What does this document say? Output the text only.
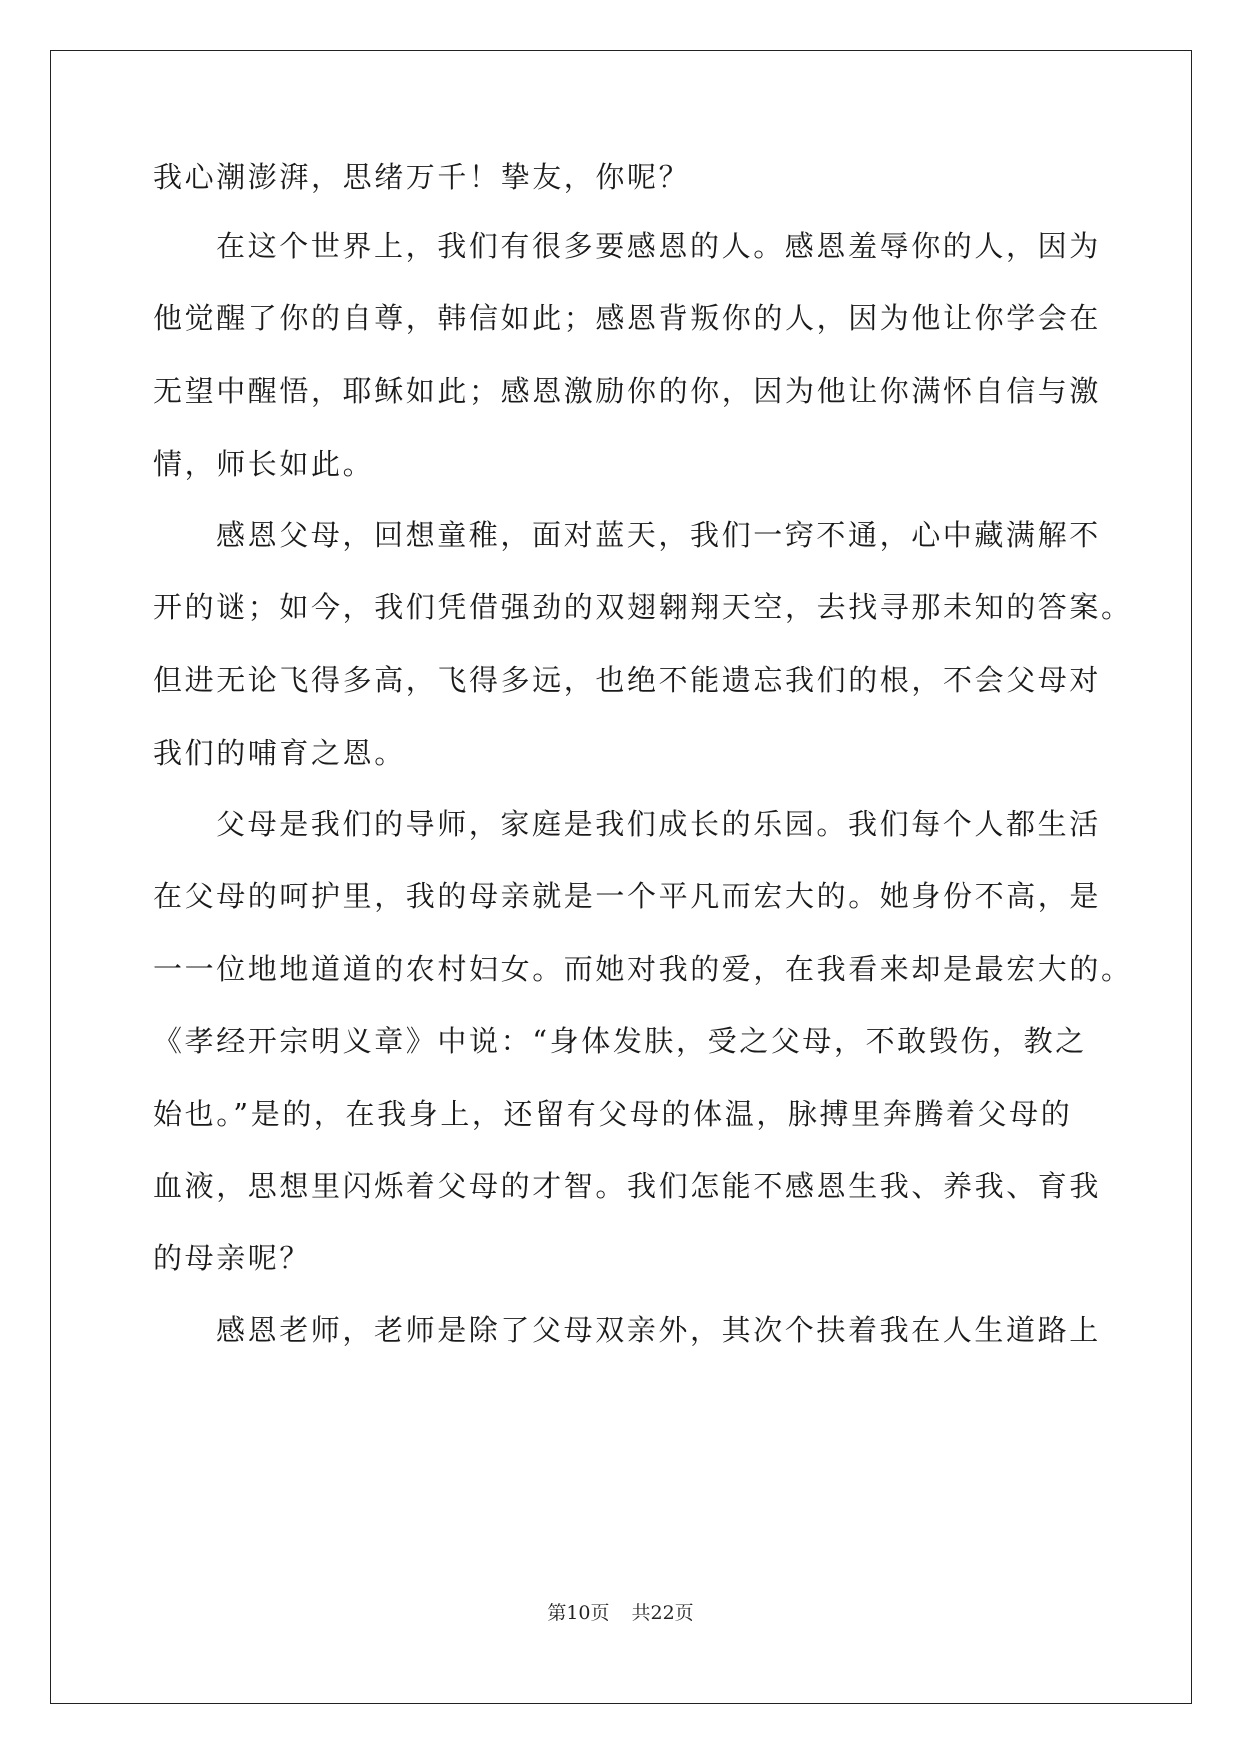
我心潮澎湃，思绪万千！挚友，你呢？

在这个世界上，我们有很多要感恩的人。感恩羞辱你的人，因为

他觉醒了你的自尊，韩信如此；感恩背叛你的人，因为他让你学会在

无望中醒悟，耶稣如此；感恩激励你的你，因为他让你满怀自信与激

情，师长如此。

感恩父母，回想童稚，面对蓝天，我们一窍不通，心中藏满解不

开的谜；如今，我们凭借强劲的双翅翱翔天空，去找寻那未知的答案。

但进无论飞得多高，飞得多远，也绝不能遗忘我们的根，不会父母对

我们的哺育之恩。

父母是我们的导师，家庭是我们成长的乐园。我们每个人都生活

在父母的呵护里，我的母亲就是一个平凡而宏大的。她身份不高，是

一一位地地道道的农村妇女。而她对我的爱，在我看来却是最宏大的。

《孝经开宗明义章》中说：“身体发肤，受之父母，不敢毁伤，教之

始也。”是的，在我身上，还留有父母的体温，脉搏里奔腾着父母的

血液，思想里闪烁着父母的才智。我们怎能不感恩生我、养我、育我

的母亲呢？

感恩老师，老师是除了父母双亲外，其次个扶着我在人生道路上

第10页 共22页
